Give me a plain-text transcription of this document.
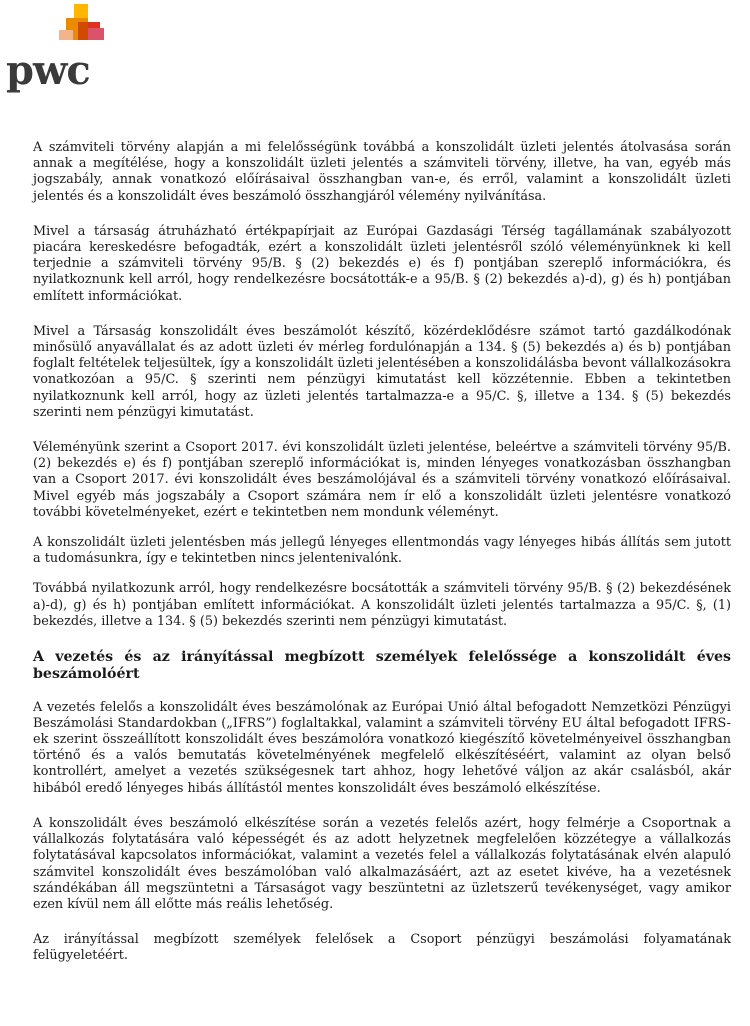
pwc

A számviteli törvény alapján a mi felelősségünk továbbá a konszolidált üzleti jelentés átolvasása során annak a megítélése, hogy a konszolidált üzleti jelentés a számviteli törvény, illetve, ha van, egyéb más jogszabály, annak vonatkozó előírásaival összhangban van-e, és erről, valamint a konszolidált üzleti jelentés és a konszolidált éves beszámoló összhangjáról vélemény nyilvánítása.

Mivel a társaság átruházható értékpapírjait az Európai Gazdasági Térség tagállamának szabályozott piacára kereskedésre befogadták, ezért a konszolidált üzleti jelentésről szóló véleményünknek ki kell terjednie a számviteli törvény 95/B. § (2) bekezdés e) és f) pontjában szereplő információkra, és nyilatkoznunk kell arról, hogy rendelkezésre bocsátották-e a 95/B. § (2) bekezdés a)-d), g) és h) pontjában említett információkat.

Mivel a Társaság konszolidált éves beszámolót készítő, közérdeklődésre számot tartó gazdálkodónak minősülő anyavállalat és az adott üzleti év mérleg fordulónapján a 134. § (5) bekezdés a) és b) pontjában foglalt feltételek teljesültek, így a konszolidált üzleti jelentésében a konszolidálásba bevont vállalkozásokra vonatkozóan a 95/C. § szerinti nem pénzügyi kimutatást kell közzétennie. Ebben a tekintetben nyilatkoznunk kell arról, hogy az üzleti jelentés tartalmazza-e a 95/C. §, illetve a 134. § (5) bekezdés szerinti nem pénzügyi kimutatást.

Véleményünk szerint a Csoport 2017. évi konszolidált üzleti jelentése, beleértve a számviteli törvény 95/B. (2) bekezdés e) és f) pontjában szereplő információkat is, minden lényeges vonatkozásban összhangban van a Csoport 2017. évi konszolidált éves beszámolójával és a számviteli törvény vonatkozó előírásaival. Mivel egyéb más jogszabály a Csoport számára nem ír elő a konszolidált üzleti jelentésre vonatkozó további követelményeket, ezért e tekintetben nem mondunk véleményt.

A konszolidált üzleti jelentésben más jellegű lényeges ellentmondás vagy lényeges hibás állítás sem jutott a tudomásunkra, így e tekintetben nincs jelentenivalónk.

Továbbá nyilatkozunk arról, hogy rendelkezésre bocsátották a számviteli törvény 95/B. § (2) bekezdésének a)-d), g) és h) pontjában említett információkat. A konszolidált üzleti jelentés tartalmazza a 95/C. §, (1) bekezdés, illetve a 134. § (5) bekezdés szerinti nem pénzügyi kimutatást.

A vezetés és az irányítással megbízott személyek felelőssége a konszolidált éves beszámolóért

A vezetés felelős a konszolidált éves beszámolónak az Európai Unió által befogadott Nemzetközi Pénzügyi Beszámolási Standardokban („IFRS”) foglaltakkal, valamint a számviteli törvény EU által befogadott IFRS-ek szerint összeállított konszolidált éves beszámolóra vonatkozó kiegészítő követelményeivel összhangban történő és a valós bemutatás követelményének megfelelő elkészítéséért, valamint az olyan belső kontrollért, amelyet a vezetés szükségesnek tart ahhoz, hogy lehetővé váljon az akár csalásból, akár hibából eredő lényeges hibás állítástól mentes konszolidált éves beszámoló elkészítése.

A konszolidált éves beszámoló elkészítése során a vezetés felelős azért, hogy felmérje a Csoportnak a vállalkozás folytatására való képességét és az adott helyzetnek megfelelően közzétegye a vállalkozás folytatásával kapcsolatos információkat, valamint a vezetés felel a vállalkozás folytatásának elvén alapuló számvitel konszolidált éves beszámolóban való alkalmazásáért, azt az esetet kivéve, ha a vezetésnek szándékában áll megszüntetni a Társaságot vagy beszüntetni az üzletszerű tevékenységet, vagy amikor ezen kívül nem áll előtte más reális lehetőség.

Az irányítással megbízott személyek felelősek a Csoport pénzügyi beszámolási folyamatának felügyeletéért.
